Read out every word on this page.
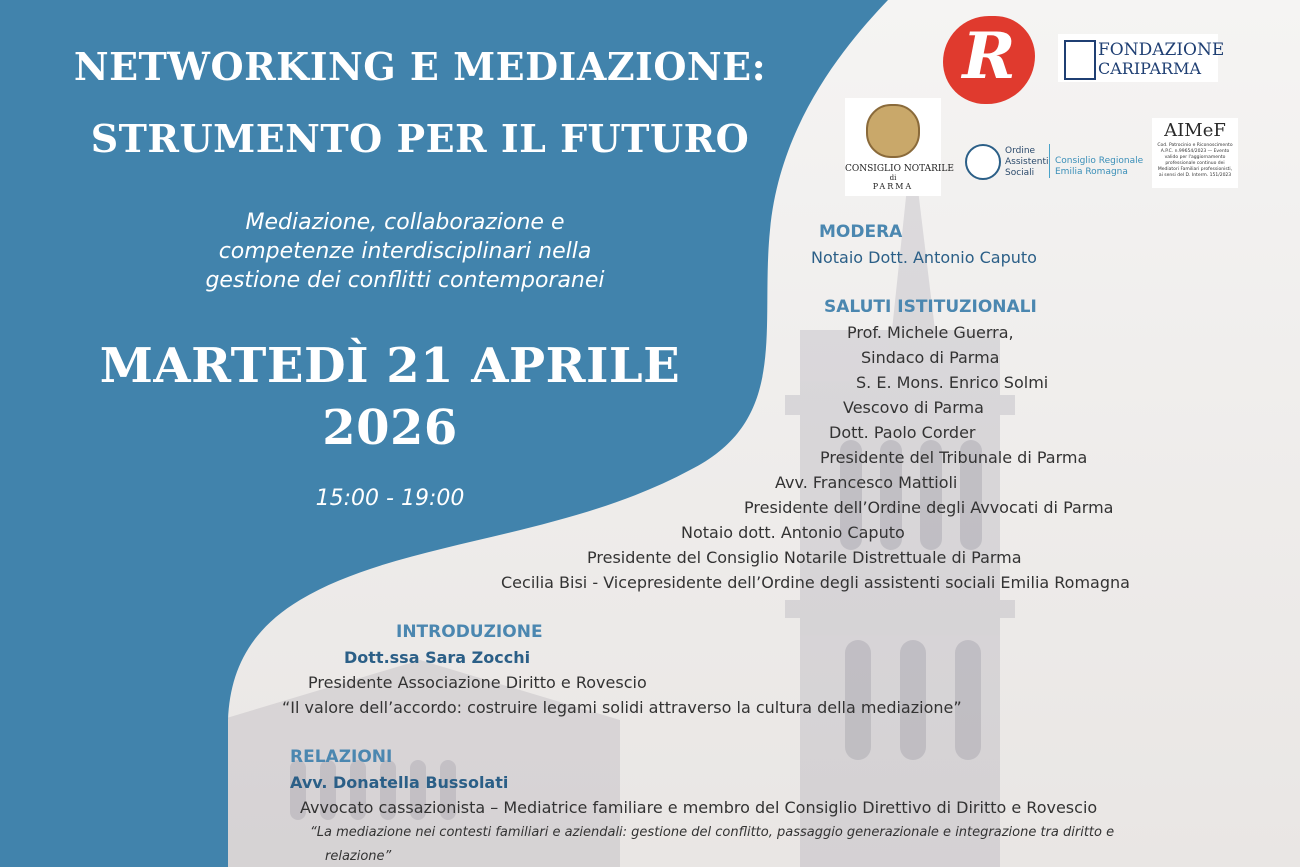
NETWORKING E MEDIAZIONE:
STRUMENTO PER IL FUTURO
Mediazione, collaborazione e
competenze interdisciplinari nella
gestione dei conflitti contemporanei
MARTEDÌ 21 APRILE
2026
15:00 - 19:00
R	FONDAZIONE
CARIPARMA
CONSIGLIO NOTARILE
di
PARMA
Ordine
Assistenti
Sociali
Consiglio Regionale
Emilia Romagna
AIMeF
Cod. Patrocinio e Riconoscimento A.P.C. n.99654/2023 — Evento valido per l'aggiornamento professionale continuo dei Mediatori Familiari professionisti, ai sensi del D. Interm. 151/2023
MODERA
Notaio Dott. Antonio Caputo
SALUTI ISTITUZIONALI
Prof. Michele Guerra,
Sindaco di Parma
S. E. Mons. Enrico Solmi
Vescovo di Parma
Dott. Paolo Corder
Presidente del Tribunale di Parma
Avv. Francesco Mattioli
Presidente dell’Ordine degli Avvocati di Parma
Notaio dott. Antonio Caputo
Presidente del Consiglio Notarile Distrettuale di Parma
Cecilia Bisi - Vicepresidente dell’Ordine degli assistenti sociali Emilia Romagna
INTRODUZIONE
Dott.ssa Sara Zocchi
Presidente Associazione Diritto e Rovescio
“Il valore dell’accordo: costruire legami solidi attraverso la cultura della mediazione”
RELAZIONI
Avv. Donatella Bussolati
Avvocato cassazionista – Mediatrice familiare e membro del Consiglio Direttivo di Diritto e Rovescio
“La mediazione nei contesti familiari e aziendali: gestione del conflitto, passaggio generazionale e integrazione tra diritto e
relazione”
